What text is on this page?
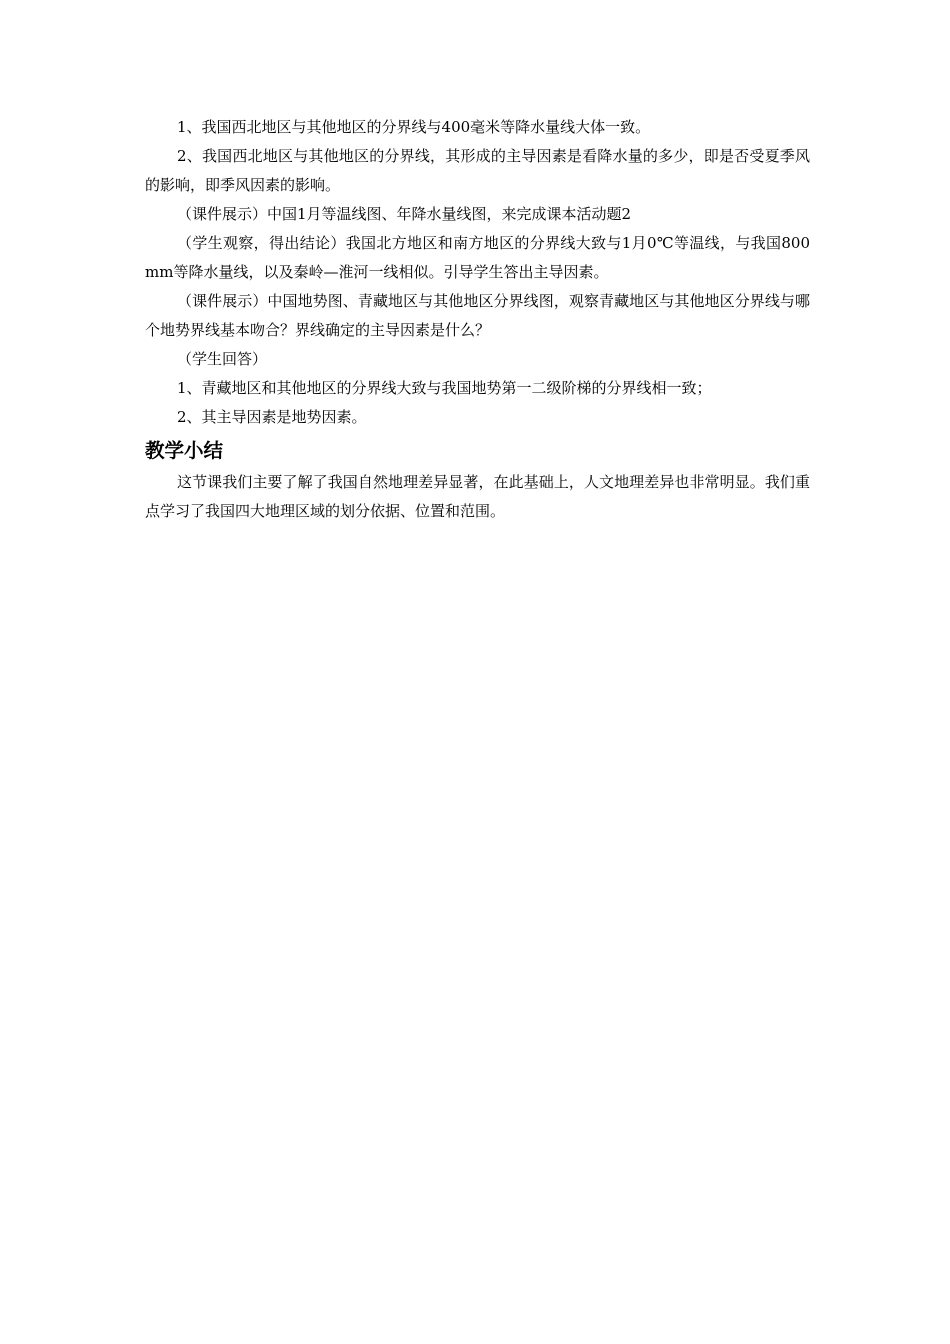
1、我国西北地区与其他地区的分界线与400毫米等降水量线大体一致。

2、我国西北地区与其他地区的分界线，其形成的主导因素是看降水量的多少，即是否受夏季风的影响，即季风因素的影响。

（课件展示）中国1月等温线图、年降水量线图，来完成课本活动题2

（学生观察，得出结论）我国北方地区和南方地区的分界线大致与1月0℃等温线，与我国800mm等降水量线，以及秦岭—淮河一线相似。引导学生答出主导因素。

（课件展示）中国地势图、青藏地区与其他地区分界线图，观察青藏地区与其他地区分界线与哪个地势界线基本吻合？界线确定的主导因素是什么？

（学生回答）

1、青藏地区和其他地区的分界线大致与我国地势第一二级阶梯的分界线相一致；

2、其主导因素是地势因素。

教学小结

这节课我们主要了解了我国自然地理差异显著，在此基础上，人文地理差异也非常明显。我们重点学习了我国四大地理区域的划分依据、位置和范围。
